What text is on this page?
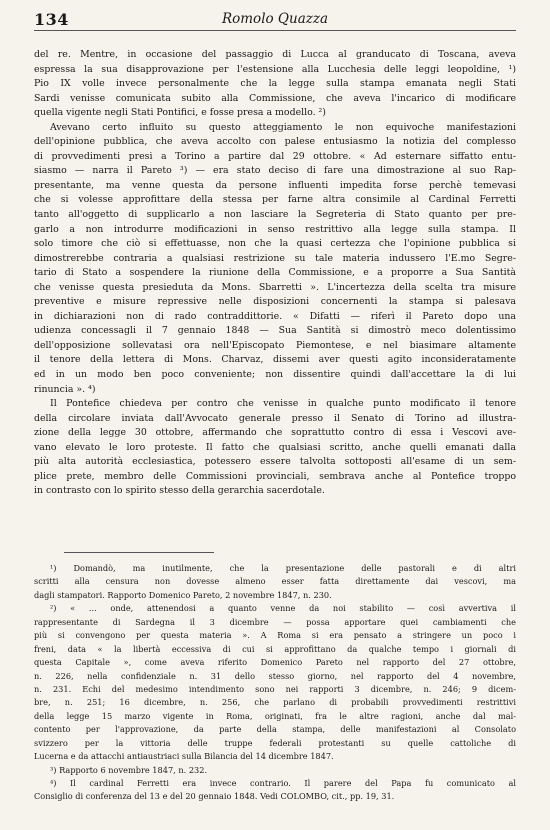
134	Romolo Quazza
del re. Mentre, in occasione del passaggio di Lucca al granducato di Toscana, aveva
espressa la sua disapprovazione per l'estensione alla Lucchesia delle leggi leopoldine, ¹)
Pio IX volle invece personalmente che la legge sulla stampa emanata negli Stati
Sardi venisse comunicata subito alla Commissione, che aveva l'incarico di modificare
quella vigente negli Stati Pontifici, e fosse presa a modello. ²)
Avevano certo influito su questo atteggiamento le non equivoche manifestazioni
dell'opinione pubblica, che aveva accolto con palese entusiasmo la notizia del complesso
di provvedimenti presi a Torino a partire dal 29 ottobre. « Ad esternare siffatto entu-
siasmo — narra il Pareto ³) — era stato deciso di fare una dimostrazione al suo Rap-
presentante, ma venne questa da persone influenti impedita forse perchè temevasi
che si volesse approfittare della stessa per farne altra consimile al Cardinal Ferretti
tanto all'oggetto di supplicarlo a non lasciare la Segreteria di Stato quanto per pre-
garlo a non introdurre modificazioni in senso restrittivo alla legge sulla stampa. Il
solo timore che ciò si effettuasse, non che la quasi certezza che l'opinione pubblica si
dimostrerebbe contraria a qualsiasi restrizione su tale materia indussero l'E.mo Segre-
tario di Stato a sospendere la riunione della Commissione, e a proporre a Sua Santità
che venisse questa presieduta da Mons. Sbarretti ». L'incertezza della scelta tra misure
preventive e misure repressive nelle disposizioni concernenti la stampa si palesava
in dichiarazioni non di rado contraddittorie. « Difatti — riferì il Pareto dopo una
udienza concessagli il 7 gennaio 1848 — Sua Santità si dimostrò meco dolentissimo
dell'opposizione sollevatasi ora nell'Episcopato Piemontese, e nel biasimare altamente
il tenore della lettera di Mons. Charvaz, dissemi aver questi agito inconsideratamente
ed in un modo ben poco conveniente; non dissentire quindi dall'accettare la di lui
rinuncia ». ⁴)
Il Pontefice chiedeva per contro che venisse in qualche punto modificato il tenore
della circolare inviata dall'Avvocato generale presso il Senato di Torino ad illustra-
zione della legge 30 ottobre, affermando che soprattutto contro di essa i Vescovi ave-
vano elevato le loro proteste. Il fatto che qualsiasi scritto, anche quelli emanati dalla
più alta autorità ecclesiastica, potessero essere talvolta sottoposti all'esame di un sem-
plice prete, membro delle Commissioni provinciali, sembrava anche al Pontefice troppo
in contrasto con lo spirito stesso della gerarchia sacerdotale.
¹) Domandò, ma inutilmente, che la presentazione delle pastorali e di altri
scritti alla censura non dovesse almeno esser fatta direttamente dai vescovi, ma
dagli stampatori. Rapporto Domenico Pareto, 2 novembre 1847, n. 230.
²) « ... onde, attenendosi a quanto venne da noi stabilito — così avvertiva il
rappresentante di Sardegna il 3 dicembre — possa apportare quei cambiamenti che
più si convengono per questa materia ». A Roma si era pensato a stringere un poco i
freni, data « la libertà eccessiva di cui si approfittano da qualche tempo i giornali di
questa Capitale », come aveva riferito Domenico Pareto nel rapporto del 27 ottobre,
n. 226, nella confidenziale n. 31 dello stesso giorno, nel rapporto del 4 novembre,
n. 231. Echi del medesimo intendimento sono nei rapporti 3 dicembre, n. 246; 9 dicem-
bre, n. 251; 16 dicembre, n. 256, che parlano di probabili provvedimenti restrittivi
della legge 15 marzo vigente in Roma, originati, fra le altre ragioni, anche dal mal-
contento per l'approvazione, da parte della stampa, delle manifestazioni al Consolato
svizzero per la vittoria delle truppe federali protestanti su quelle cattoliche di
Lucerna e da attacchi antiaustriaci sulla Bilancia del 14 dicembre 1847.
³) Rapporto 6 novembre 1847, n. 232.
⁴) Il cardinal Ferretti era invece contrario. Il parere del Papa fu comunicato al
Consiglio di conferenza del 13 e del 20 gennaio 1848. Vedi COLOMBO, cit., pp. 19, 31.
